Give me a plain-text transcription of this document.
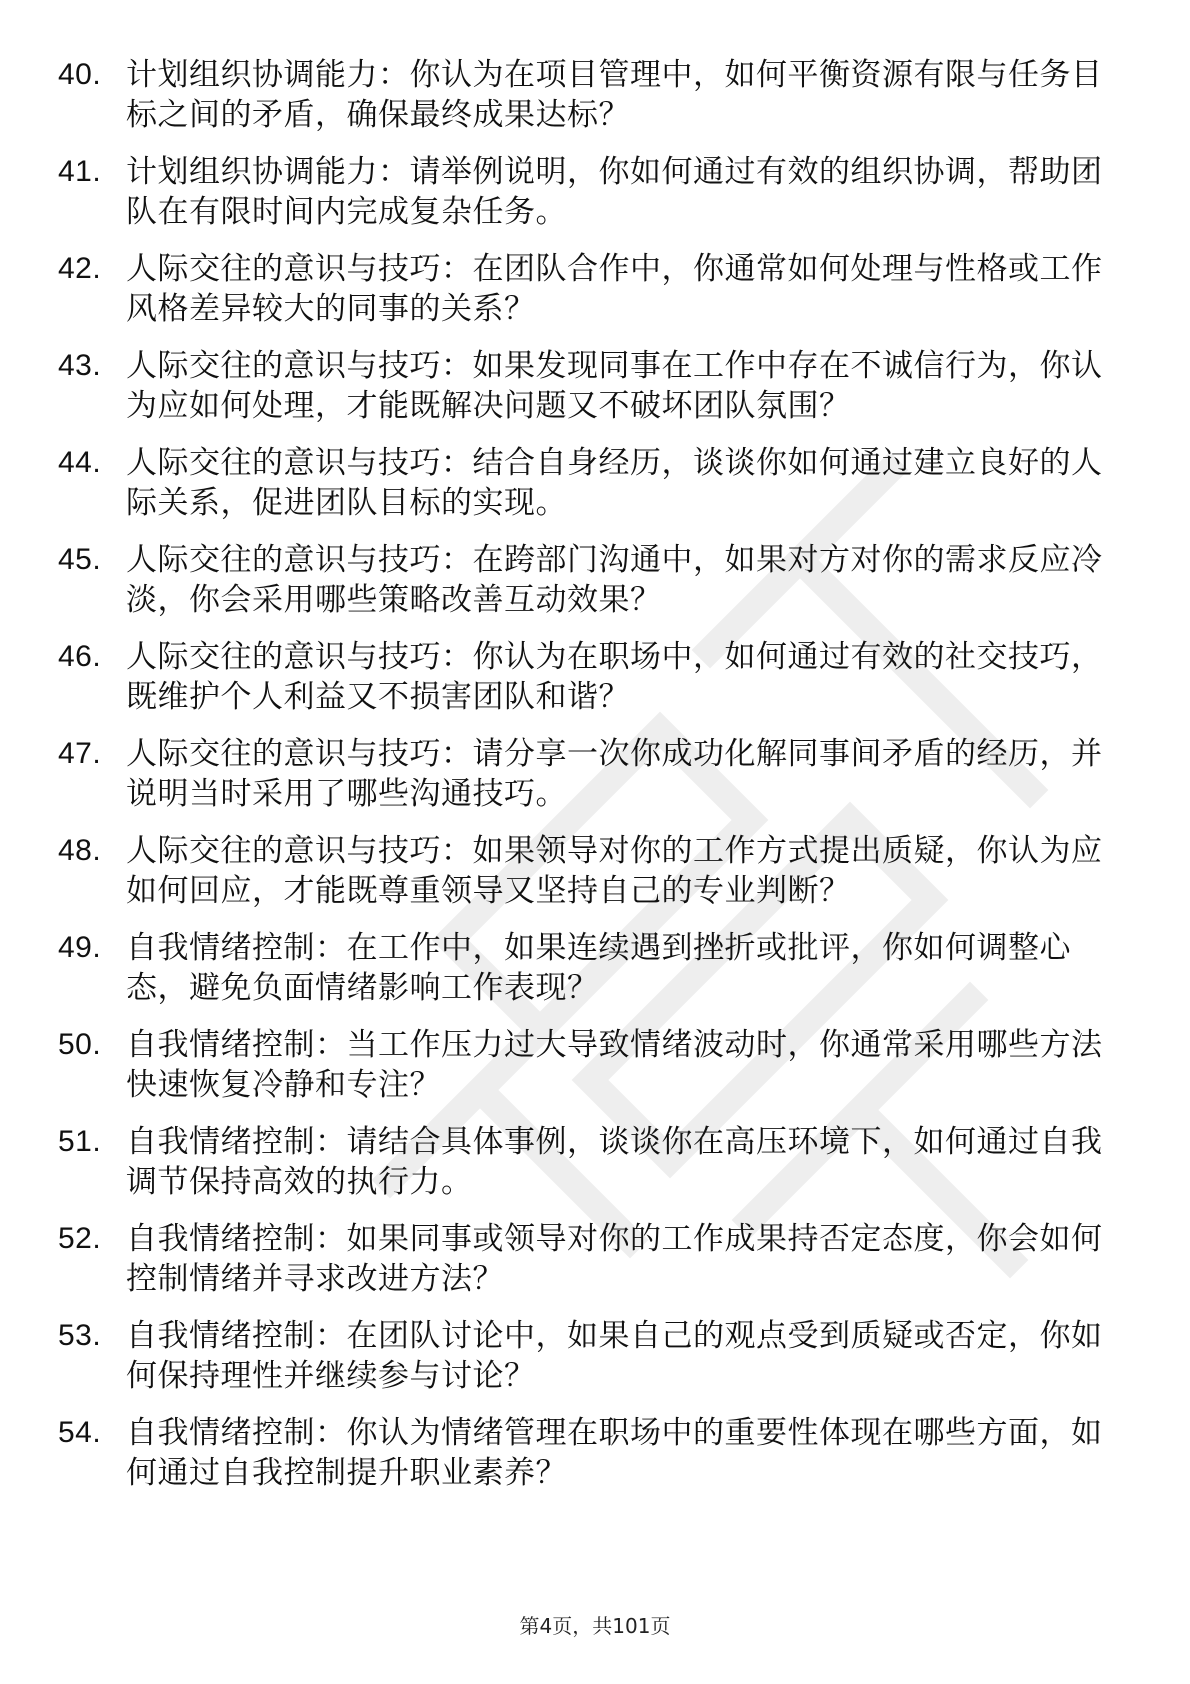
40. 计划组织协调能力：你认为在项目管理中，如何平衡资源有限与任务目标之间的矛盾，确保最终成果达标？
41. 计划组织协调能力：请举例说明，你如何通过有效的组织协调，帮助团队在有限时间内完成复杂任务。
42. 人际交往的意识与技巧：在团队合作中，你通常如何处理与性格或工作风格差异较大的同事的关系？
43. 人际交往的意识与技巧：如果发现同事在工作中存在不诚信行为，你认为应如何处理，才能既解决问题又不破坏团队氛围？
44. 人际交往的意识与技巧：结合自身经历，谈谈你如何通过建立良好的人际关系，促进团队目标的实现。
45. 人际交往的意识与技巧：在跨部门沟通中，如果对方对你的需求反应冷淡，你会采用哪些策略改善互动效果？
46. 人际交往的意识与技巧：你认为在职场中，如何通过有效的社交技巧，既维护个人利益又不损害团队和谐？
47. 人际交往的意识与技巧：请分享一次你成功化解同事间矛盾的经历，并说明当时采用了哪些沟通技巧。
48. 人际交往的意识与技巧：如果领导对你的工作方式提出质疑，你认为应如何回应，才能既尊重领导又坚持自己的专业判断？
49. 自我情绪控制：在工作中，如果连续遇到挫折或批评，你如何调整心态，避免负面情绪影响工作表现？
50. 自我情绪控制：当工作压力过大导致情绪波动时，你通常采用哪些方法快速恢复冷静和专注？
51. 自我情绪控制：请结合具体事例，谈谈你在高压环境下，如何通过自我调节保持高效的执行力。
52. 自我情绪控制：如果同事或领导对你的工作成果持否定态度，你会如何控制情绪并寻求改进方法？
53. 自我情绪控制：在团队讨论中，如果自己的观点受到质疑或否定，你如何保持理性并继续参与讨论？
54. 自我情绪控制：你认为情绪管理在职场中的重要性体现在哪些方面，如何通过自我控制提升职业素养？
第4页，共101页
